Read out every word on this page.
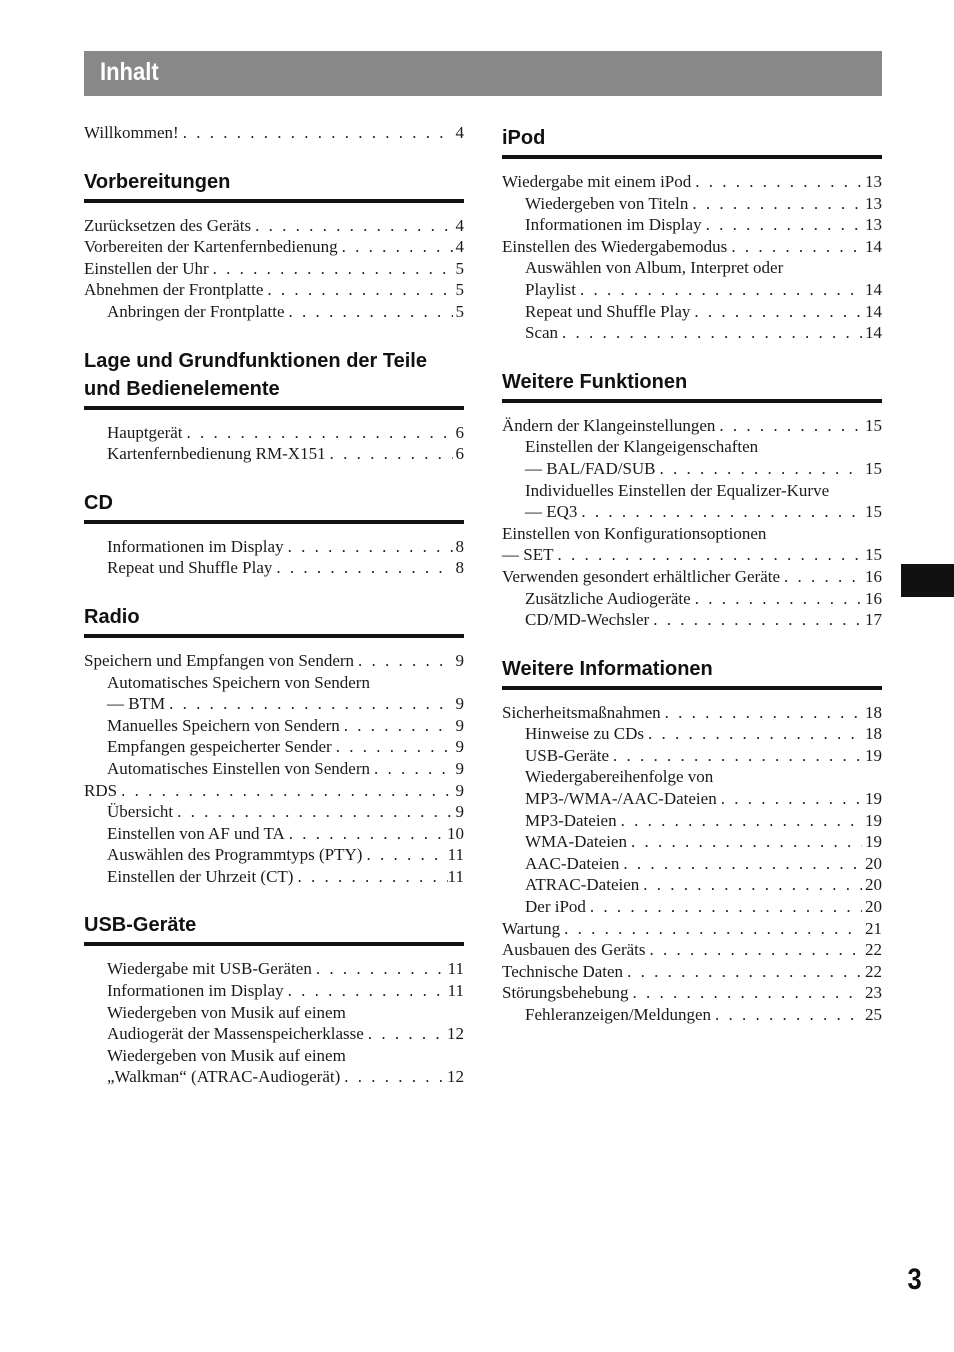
Inhalt
Willkommen! . . .	4
Vorbereitungen
Zurücksetzen des Geräts . . .	4
Vorbereiten der Kartenfernbedienung . . .	4
Einstellen der Uhr . . .	5
Abnehmen der Frontplatte . . .	5
Anbringen der Frontplatte . . .	5
Lage und Grundfunktionen der Teile und Bedienelemente
Hauptgerät . . .	6
Kartenfernbedienung RM-X151 . . .	6
CD
Informationen im Display . . .	8
Repeat und Shuffle Play . . .	8
Radio
Speichern und Empfangen von Sendern . . .	9
Automatisches Speichern von Sendern
— BTM . . .	9
Manuelles Speichern von Sendern . . .	9
Empfangen gespeicherter Sender . . .	9
Automatisches Einstellen von Sendern . . .	9
RDS . . .	9
Übersicht . . .	9
Einstellen von AF und TA . . .	10
Auswählen des Programmtyps (PTY) . . .	11
Einstellen der Uhrzeit (CT) . . .	11
USB-Geräte
Wiedergabe mit USB-Geräten . . .	11
Informationen im Display . . .	11
Wiedergeben von Musik auf einem
Audiogerät der Massenspeicherklasse . . .	12
Wiedergeben von Musik auf einem
„Walkman“ (ATRAC-Audiogerät) . . .	12
iPod
Wiedergabe mit einem iPod . . .	13
Wiedergeben von Titeln . . .	13
Informationen im Display . . .	13
Einstellen des Wiedergabemodus . . .	14
Auswählen von Album, Interpret oder
Playlist . . .	14
Repeat und Shuffle Play . . .	14
Scan . . .	14
Weitere Funktionen
Ändern der Klangeinstellungen . . .	15
Einstellen der Klangeigenschaften
— BAL/FAD/SUB . . .	15
Individuelles Einstellen der Equalizer-Kurve
— EQ3 . . .	15
Einstellen von Konfigurationsoptionen
— SET . . .	15
Verwenden gesondert erhältlicher Geräte . . .	16
Zusätzliche Audiogeräte . . .	16
CD/MD-Wechsler . . .	17
Weitere Informationen
Sicherheitsmaßnahmen . . .	18
Hinweise zu CDs . . .	18
USB-Geräte . . .	19
Wiedergabereihenfolge von
MP3-/WMA-/AAC-Dateien . . .	19
MP3-Dateien . . .	19
WMA-Dateien . . .	19
AAC-Dateien . . .	20
ATRAC-Dateien . . .	20
Der iPod . . .	20
Wartung . . .	21
Ausbauen des Geräts . . .	22
Technische Daten . . .	22
Störungsbehebung . . .	23
Fehleranzeigen/Meldungen . . .	25
3
